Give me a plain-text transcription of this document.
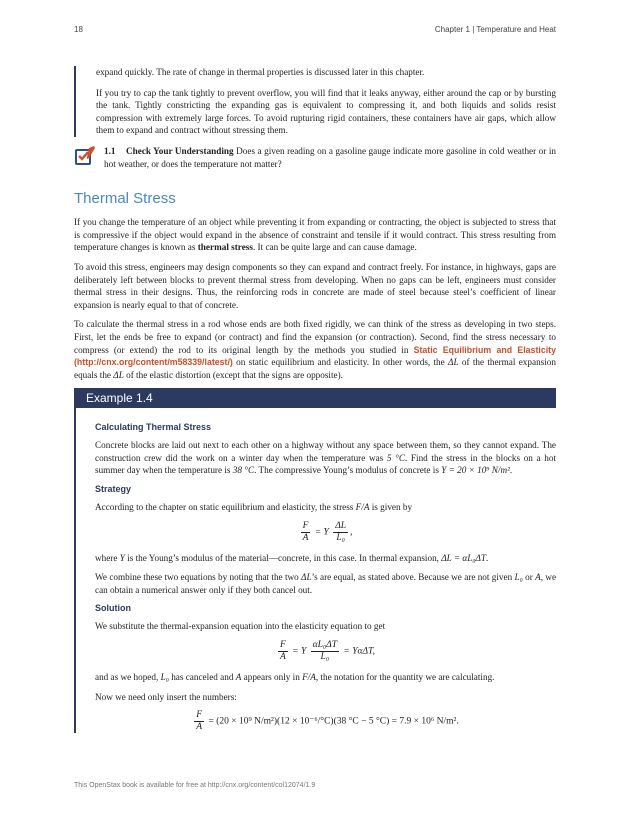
18	Chapter 1 | Temperature and Heat

expand quickly. The rate of change in thermal properties is discussed later in this chapter.

If you try to cap the tank tightly to prevent overflow, you will find that it leaks anyway, either around the cap or by bursting the tank. Tightly constricting the expanding gas is equivalent to compressing it, and both liquids and solids resist compression with extremely large forces. To avoid rupturing rigid containers, these containers have air gaps, which allow them to expand and contract without stressing them.

1.1 Check Your Understanding Does a given reading on a gasoline gauge indicate more gasoline in cold weather or in hot weather, or does the temperature not matter?

Thermal Stress

If you change the temperature of an object while preventing it from expanding or contracting, the object is subjected to stress that is compressive if the object would expand in the absence of constraint and tensile if it would contract. This stress resulting from temperature changes is known as thermal stress. It can be quite large and can cause damage.

To avoid this stress, engineers may design components so they can expand and contract freely. For instance, in highways, gaps are deliberately left between blocks to prevent thermal stress from developing. When no gaps can be left, engineers must consider thermal stress in their designs. Thus, the reinforcing rods in concrete are made of steel because steel’s coefficient of linear expansion is nearly equal to that of concrete.

To calculate the thermal stress in a rod whose ends are both fixed rigidly, we can think of the stress as developing in two steps. First, let the ends be free to expand (or contract) and find the expansion (or contraction). Second, find the stress necessary to compress (or extend) the rod to its original length by the methods you studied in Static Equilibrium and Elasticity (http://cnx.org/content/m58339/latest/) on static equilibrium and elasticity. In other words, the ΔL of the thermal expansion equals the ΔL of the elastic distortion (except that the signs are opposite).

Example 1.4
Calculating Thermal Stress

Concrete blocks are laid out next to each other on a highway without any space between them, so they cannot expand. The construction crew did the work on a winter day when the temperature was 5 °C. Find the stress in the blocks on a hot summer day when the temperature is 38 °C. The compressive Young’s modulus of concrete is Y = 20 × 10⁹ N/m².

Strategy

According to the chapter on static equilibrium and elasticity, the stress F/A is given by

$\frac{F}{A} = Y \frac{\Delta L}{\text{L₀}}$ ,

where Y is the Young’s modulus of the material—concrete, in this case. In thermal expansion, ΔL = αL₀ΔT.

We combine these two equations by noting that the two ΔL’s are equal, as stated above. Because we are not given L₀ or A, we can obtain a numerical answer only if they both cancel out.

Solution

We substitute the thermal-expansion equation into the elasticity equation to get

$\frac{F}{A} = Y \frac{\text{αL₀ΔT}}{\text{L₀}} = Y\alpha\Delta T$,

and as we hoped, L₀ has canceled and A appears only in F/A, the notation for the quantity we are calculating.

Now we need only insert the numbers:

$\frac{F}{A} = (20 \times 10^9$ N/m²)(12 × 10⁻⁶/°C)(38 °C − 5 °C) = 7.9 × 10⁶ N/m².
This OpenStax book is available for free at http://cnx.org/content/col12074/1.9
